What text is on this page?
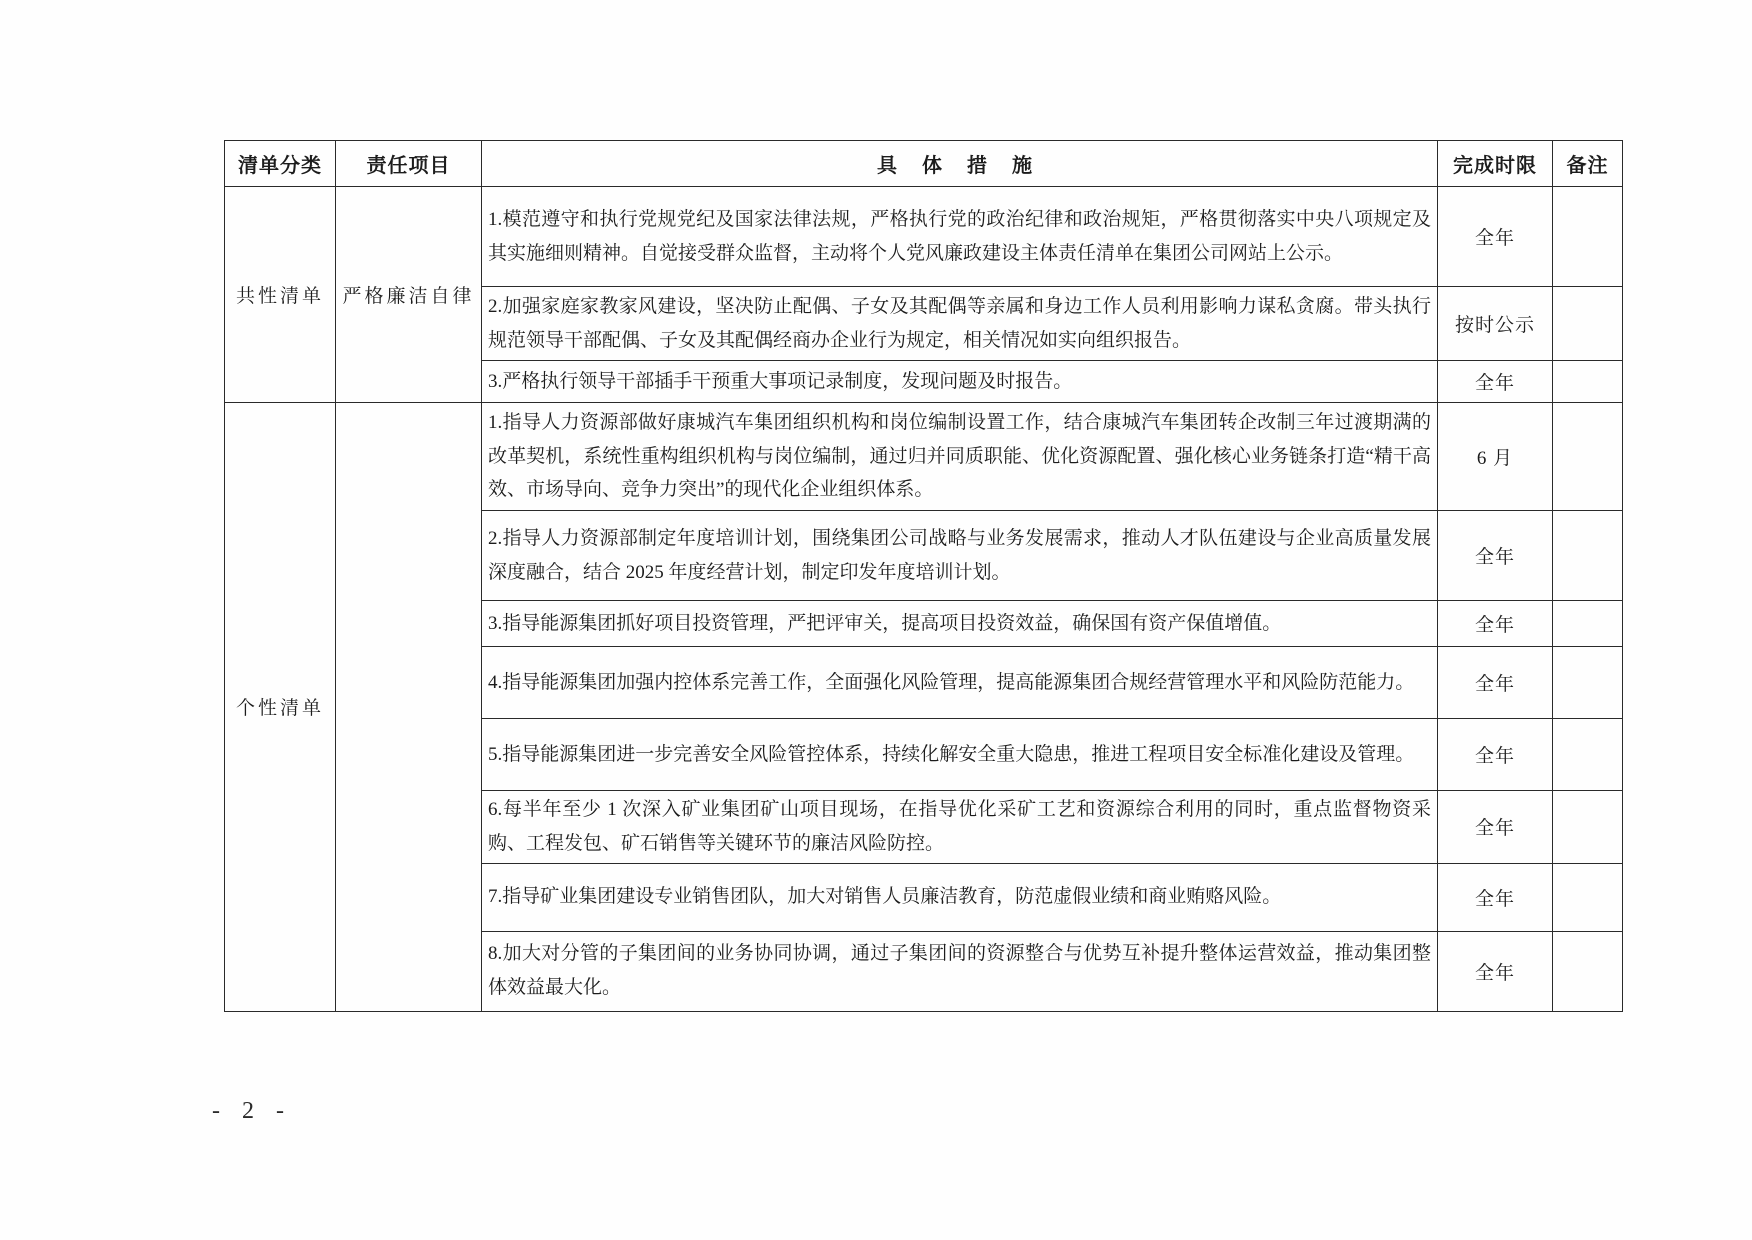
清单分类	责任项目	具 体 措 施	完成时限	备注
共性清单	严格廉洁自律	1.模范遵守和执行党规党纪及国家法律法规，严格执行党的政治纪律和政治规矩，严格贯彻落实中央八项规定及其实施细则精神。自觉接受群众监督，主动将个人党风廉政建设主体责任清单在集团公司网站上公示。	全年	
		2.加强家庭家教家风建设，坚决防止配偶、子女及其配偶等亲属和身边工作人员利用影响力谋私贪腐。带头执行规范领导干部配偶、子女及其配偶经商办企业行为规定，相关情况如实向组织报告。	按时公示	
		3.严格执行领导干部插手干预重大事项记录制度，发现问题及时报告。	全年	
个性清单		1.指导人力资源部做好康城汽车集团组织机构和岗位编制设置工作，结合康城汽车集团转企改制三年过渡期满的改革契机，系统性重构组织机构与岗位编制，通过归并同质职能、优化资源配置、强化核心业务链条打造“精干高效、市场导向、竞争力突出”的现代化企业组织体系。	6 月	
		2.指导人力资源部制定年度培训计划，围绕集团公司战略与业务发展需求，推动人才队伍建设与企业高质量发展深度融合，结合 2025 年度经营计划，制定印发年度培训计划。	全年	
		3.指导能源集团抓好项目投资管理，严把评审关，提高项目投资效益，确保国有资产保值增值。	全年	
		4.指导能源集团加强内控体系完善工作，全面强化风险管理，提高能源集团合规经营管理水平和风险防范能力。	全年	
		5.指导能源集团进一步完善安全风险管控体系，持续化解安全重大隐患，推进工程项目安全标准化建设及管理。	全年	
		6.每半年至少 1 次深入矿业集团矿山项目现场，在指导优化采矿工艺和资源综合利用的同时，重点监督物资采购、工程发包、矿石销售等关键环节的廉洁风险防控。	全年	
		7.指导矿业集团建设专业销售团队，加大对销售人员廉洁教育，防范虚假业绩和商业贿赂风险。	全年	
		8.加大对分管的子集团间的业务协同协调，通过子集团间的资源整合与优势互补提升整体运营效益，推动集团整体效益最大化。	全年	
- 2 -
